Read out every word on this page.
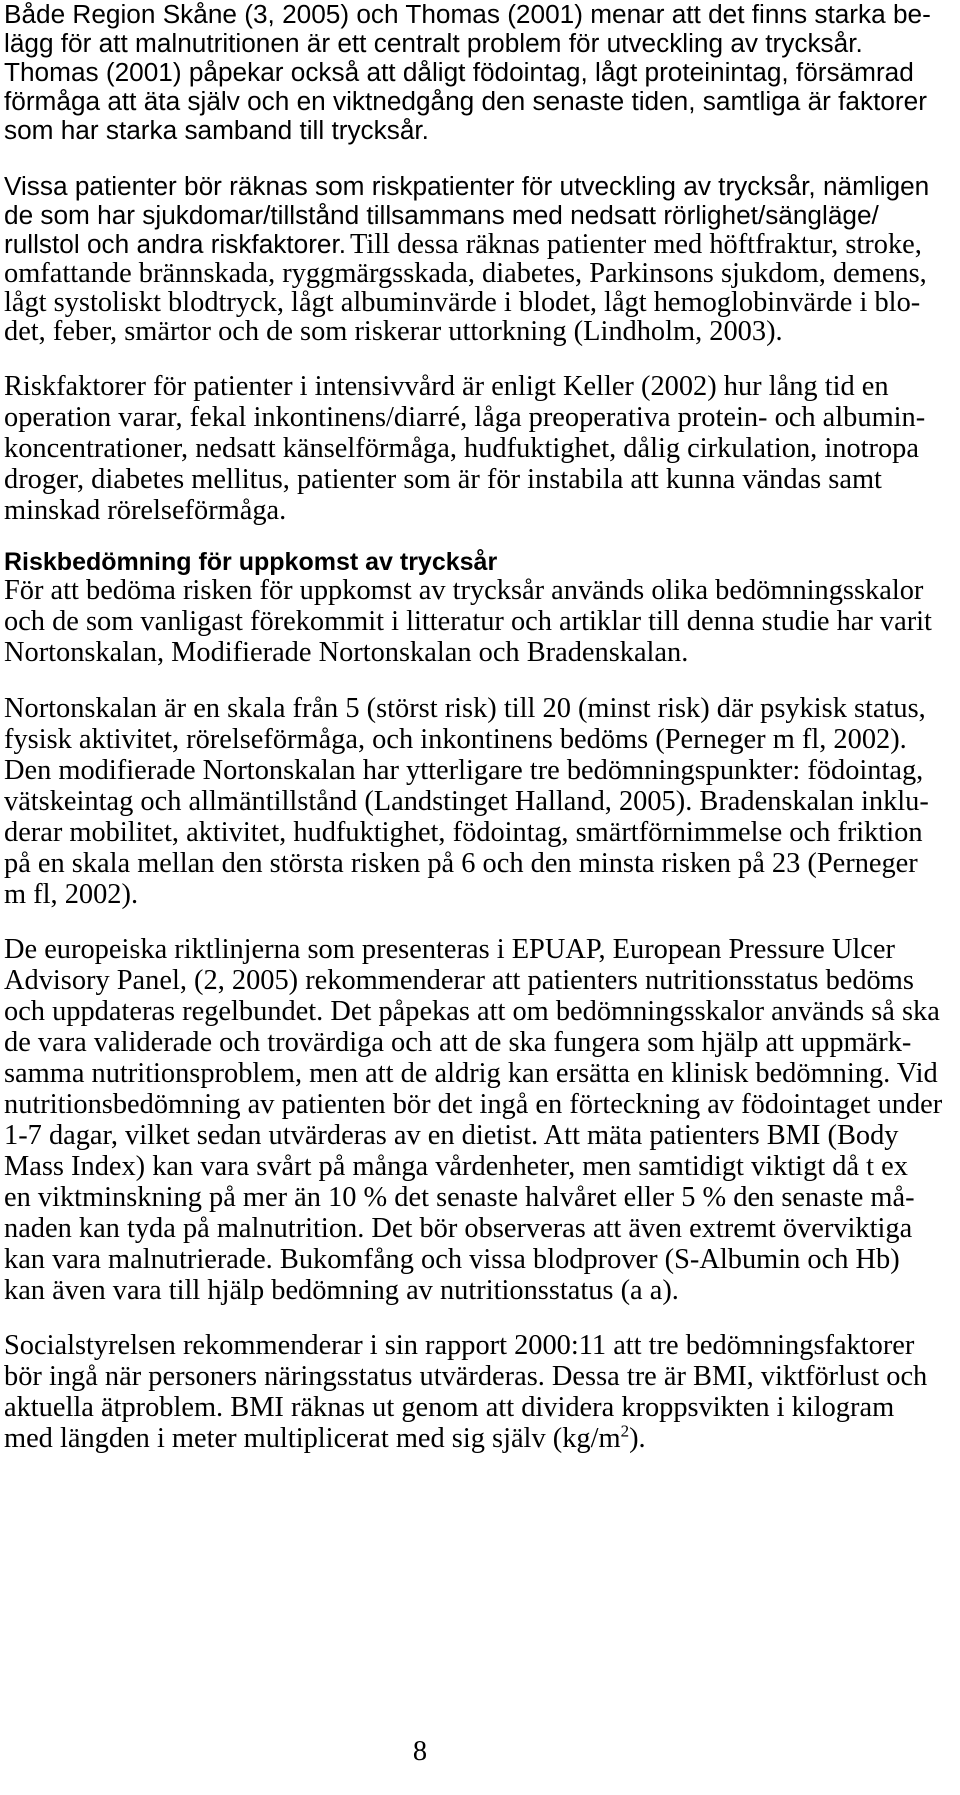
Både Region Skåne (3, 2005) och Thomas (2001) menar att det finns starka be-
lägg för att malnutritionen är ett centralt problem för utveckling av trycksår.
Thomas (2001) påpekar också att dåligt födointag, lågt proteinintag, försämrad
förmåga att äta själv och en viktnedgång den senaste tiden, samtliga är faktorer
som har starka samband till trycksår.
Vissa patienter bör räknas som riskpatienter för utveckling av trycksår, nämligen
de som har sjukdomar/tillstånd tillsammans med nedsatt rörlighet/sängläge/
rullstol och andra riskfaktorer. Till dessa räknas patienter med höftfraktur, stroke,
omfattande brännskada, ryggmärgsskada, diabetes, Parkinsons sjukdom, demens,
lågt systoliskt blodtryck, lågt albuminvärde i blodet, lågt hemoglobinvärde i blo-
det, feber, smärtor och de som riskerar uttorkning (Lindholm, 2003).
Riskfaktorer för patienter i intensivvård är enligt Keller (2002) hur lång tid en
operation varar, fekal inkontinens/diarré, låga preoperativa protein- och albumin-
koncentrationer, nedsatt känselförmåga, hudfuktighet, dålig cirkulation, inotropa
droger, diabetes mellitus, patienter som är för instabila att kunna vändas samt
minskad rörelseförmåga.
Riskbedömning för uppkomst av trycksår
För att bedöma risken för uppkomst av trycksår används olika bedömningsskalor
och de som vanligast förekommit i litteratur och artiklar till denna studie har varit
Nortonskalan, Modifierade Nortonskalan och Bradenskalan.
Nortonskalan är en skala från 5 (störst risk) till 20 (minst risk) där psykisk status,
fysisk aktivitet, rörelseförmåga, och inkontinens bedöms (Perneger m fl, 2002).
Den modifierade Nortonskalan har ytterligare tre bedömningspunkter: födointag,
vätskeintag och allmäntillstånd (Landstinget Halland, 2005). Bradenskalan inklu-
derar mobilitet, aktivitet, hudfuktighet, födointag, smärtförnimmelse och friktion
på en skala mellan den största risken på 6 och den minsta risken på 23 (Perneger
m fl, 2002).
De europeiska riktlinjerna som presenteras i EPUAP, European Pressure Ulcer
Advisory Panel, (2, 2005) rekommenderar att patienters nutritionsstatus bedöms
och uppdateras regelbundet. Det påpekas att om bedömningsskalor används så ska
de vara validerade och trovärdiga och att de ska fungera som hjälp att uppmärk-
samma nutritionsproblem, men att de aldrig kan ersätta en klinisk bedömning. Vid
nutritionsbedömning av patienten bör det ingå en förteckning av födointaget under
1-7 dagar, vilket sedan utvärderas av en dietist. Att mäta patienters BMI (Body
Mass Index) kan vara svårt på många vårdenheter, men samtidigt viktigt då t ex
en viktminskning på mer än 10 % det senaste halvåret eller 5 % den senaste må-
naden kan tyda på malnutrition. Det bör observeras att även extremt överviktiga
kan vara malnutrierade. Bukomfång och vissa blodprover (S-Albumin och Hb)
kan även vara till hjälp bedömning av nutritionsstatus (a a).
Socialstyrelsen rekommenderar i sin rapport 2000:11 att tre bedömningsfaktorer
bör ingå när personers näringsstatus utvärderas. Dessa tre är BMI, viktförlust och
aktuella ätproblem. BMI räknas ut genom att dividera kroppsvikten i kilogram
med längden i meter multiplicerat med sig själv $(kg/m^2)$.
8
